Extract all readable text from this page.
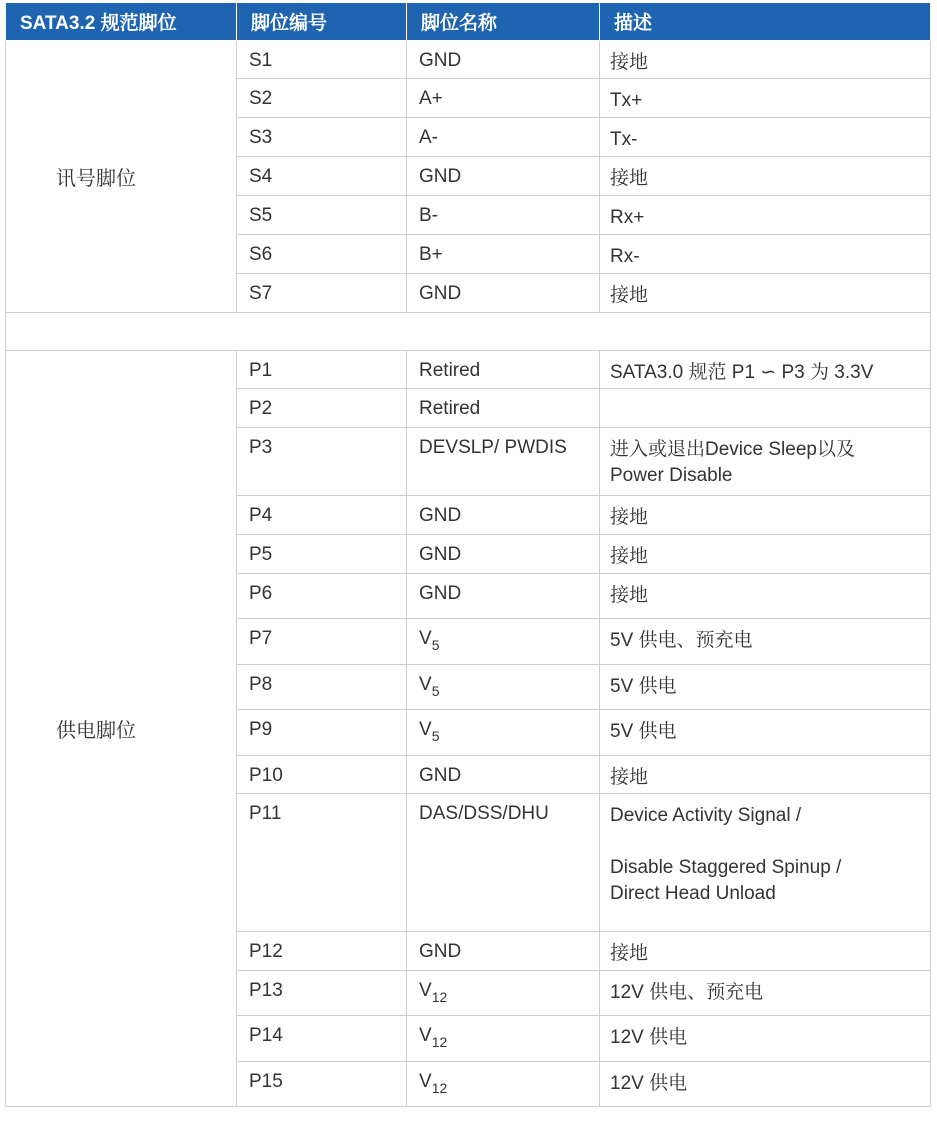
SATA3.2 规范脚位	脚位编号	脚位名称	描述
讯号脚位	S1	GND	接地
	S2	A+	Tx+
	S3	A-	Tx-
	S4	GND	接地
	S5	B-	Rx+
	S6	B+	Rx-
	S7	GND	接地

供电脚位	P1	Retired	SATA3.0 规范 P1 ∽ P3 为 3.3V
	P2	Retired	
	P3	DEVSLP/ PWDIS	进入或退出Device Sleep以及
Power Disable
	P4	GND	接地
	P5	GND	接地
	P6	GND	接地
	P7	$V_5$	5V 供电、预充电
	P8	$V_5$	5V 供电
	P9	$V_5$	5V 供电
	P10	GND	接地
	P11	DAS/DSS/DHU	Device Activity Signal /

Disable Staggered Spinup /
Direct Head Unload
	P12	GND	接地
	P13	$V_{12}$	12V 供电、预充电
	P14	$V_{12}$	12V 供电
	P15	$V_{12}$	12V 供电
